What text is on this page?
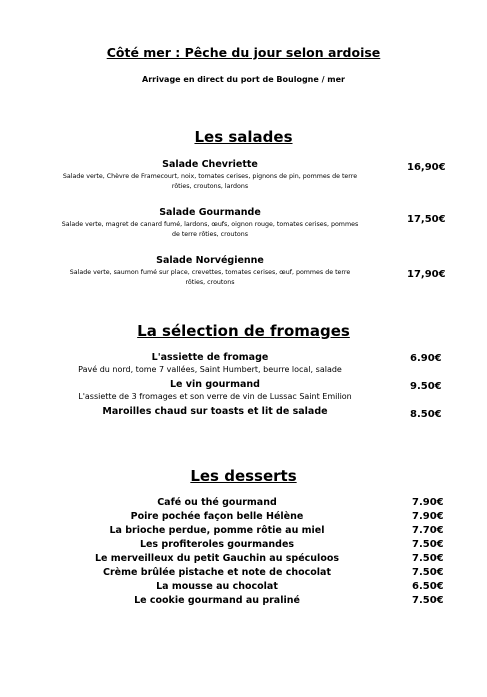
Côté mer : Pêche du jour selon ardoise
Arrivage en direct du port de Boulogne / mer
Les salades
Salade Chevriette
Salade verte, Chèvre de Framecourt, noix, tomates cerises, pignons de pin, pommes de terre
rôties, croutons, lardons
16,90€
Salade Gourmande
Salade verte, magret de canard fumé, lardons, œufs, oignon rouge, tomates cerises, pommes
de terre rôties, croutons
17,50€
Salade Norvégienne
Salade verte, saumon fumé sur place, crevettes, tomates cerises, œuf, pommes de terre
rôties, croutons
17,90€
La sélection de fromages
L'assiette de fromage
Pavé du nord, tome 7 vallées, Saint Humbert, beurre local, salade
6.90€
Le vin gourmand
L'assiette de 3 fromages et son verre de vin de Lussac Saint Emilion
9.50€
Maroilles chaud sur toasts et lit de salade	8.50€
Les desserts
Café ou thé gourmand
Poire pochée façon belle Hélène
La brioche perdue, pomme rôtie au miel
Les profiteroles gourmandes
Le merveilleux du petit Gauchin au spéculoos
Crème brûlée pistache et note de chocolat
La mousse au chocolat
Le cookie gourmand au praliné
7.90€
7.90€
7.70€
7.50€
7.50€
7.50€
6.50€
7.50€
